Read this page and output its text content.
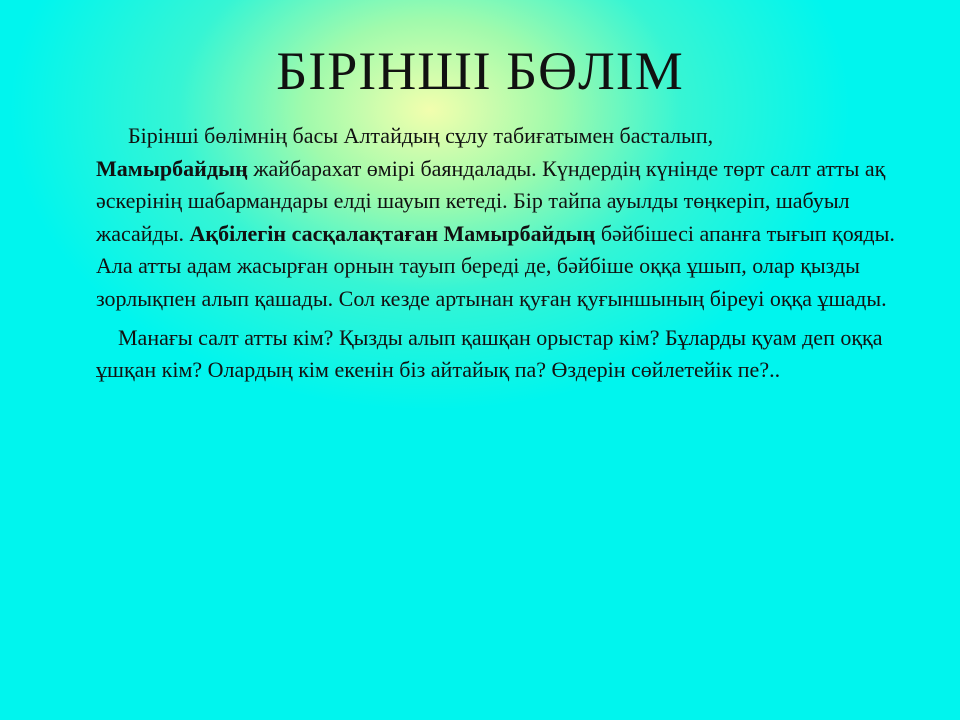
БІРІНШІ БӨЛІМ

Бірінші бөлімнің басы Алтайдың сұлу табиғатымен басталып,
Мамырбайдың жайбарахат өмірі баяндалады. Күндердің күнінде төрт салт атты ақ әскерінің шабармандары елді шауып кетеді. Бір тайпа ауылды төңкеріп, шабуыл жасайды. Ақбілегін сасқалақтаған Мамырбайдың бәйбішесі апанға тығып қояды. Ала атты адам жасырған орнын тауып береді де, бәйбіше оққа ұшып, олар қызды зорлықпен алып қашады. Сол кезде артынан қуған қуғыншының біреуі оққа ұшады.

Манағы салт атты кім? Қызды алып қашқан орыстар кім? Бұларды қуам деп оққа ұшқан кім? Олардың кім екенін біз айтайық па? Өздерін сөйлетейік пе?..
